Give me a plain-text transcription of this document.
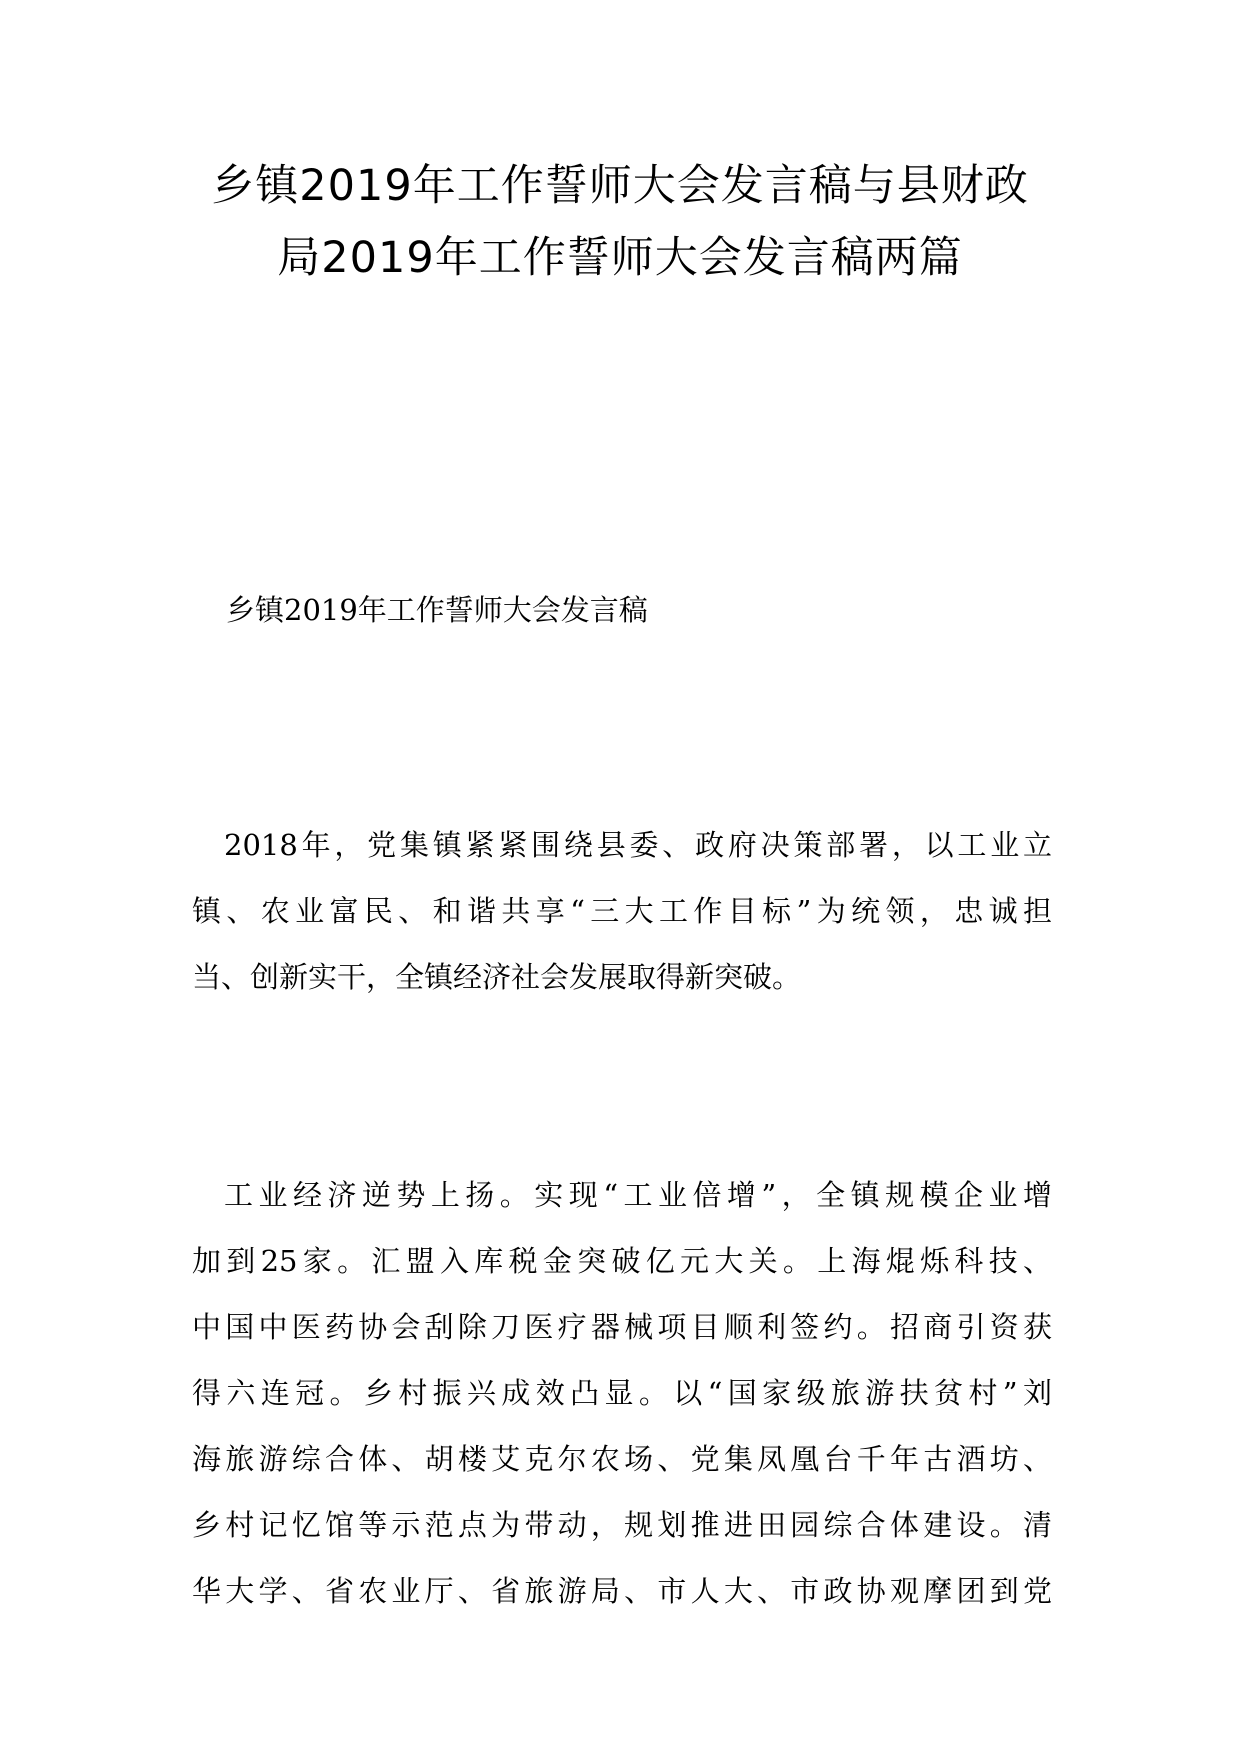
乡镇2019年工作誓师大会发言稿与县财政
局2019年工作誓师大会发言稿两篇

乡镇2019年工作誓师大会发言稿

2018年，党集镇紧紧围绕县委、政府决策部署，以工业立
镇、农业富民、和谐共享“三大工作目标”为统领，忠诚担
当、创新实干，全镇经济社会发展取得新突破。

工业经济逆势上扬。实现“工业倍增”，全镇规模企业增
加到25家。汇盟入库税金突破亿元大关。上海焜烁科技、
中国中医药协会刮除刀医疗器械项目顺利签约。招商引资获
得六连冠。乡村振兴成效凸显。以“国家级旅游扶贫村”刘
海旅游综合体、胡楼艾克尔农场、党集凤凰台千年古酒坊、
乡村记忆馆等示范点为带动，规划推进田园综合体建设。清
华大学、省农业厅、省旅游局、市人大、市政协观摩团到党
